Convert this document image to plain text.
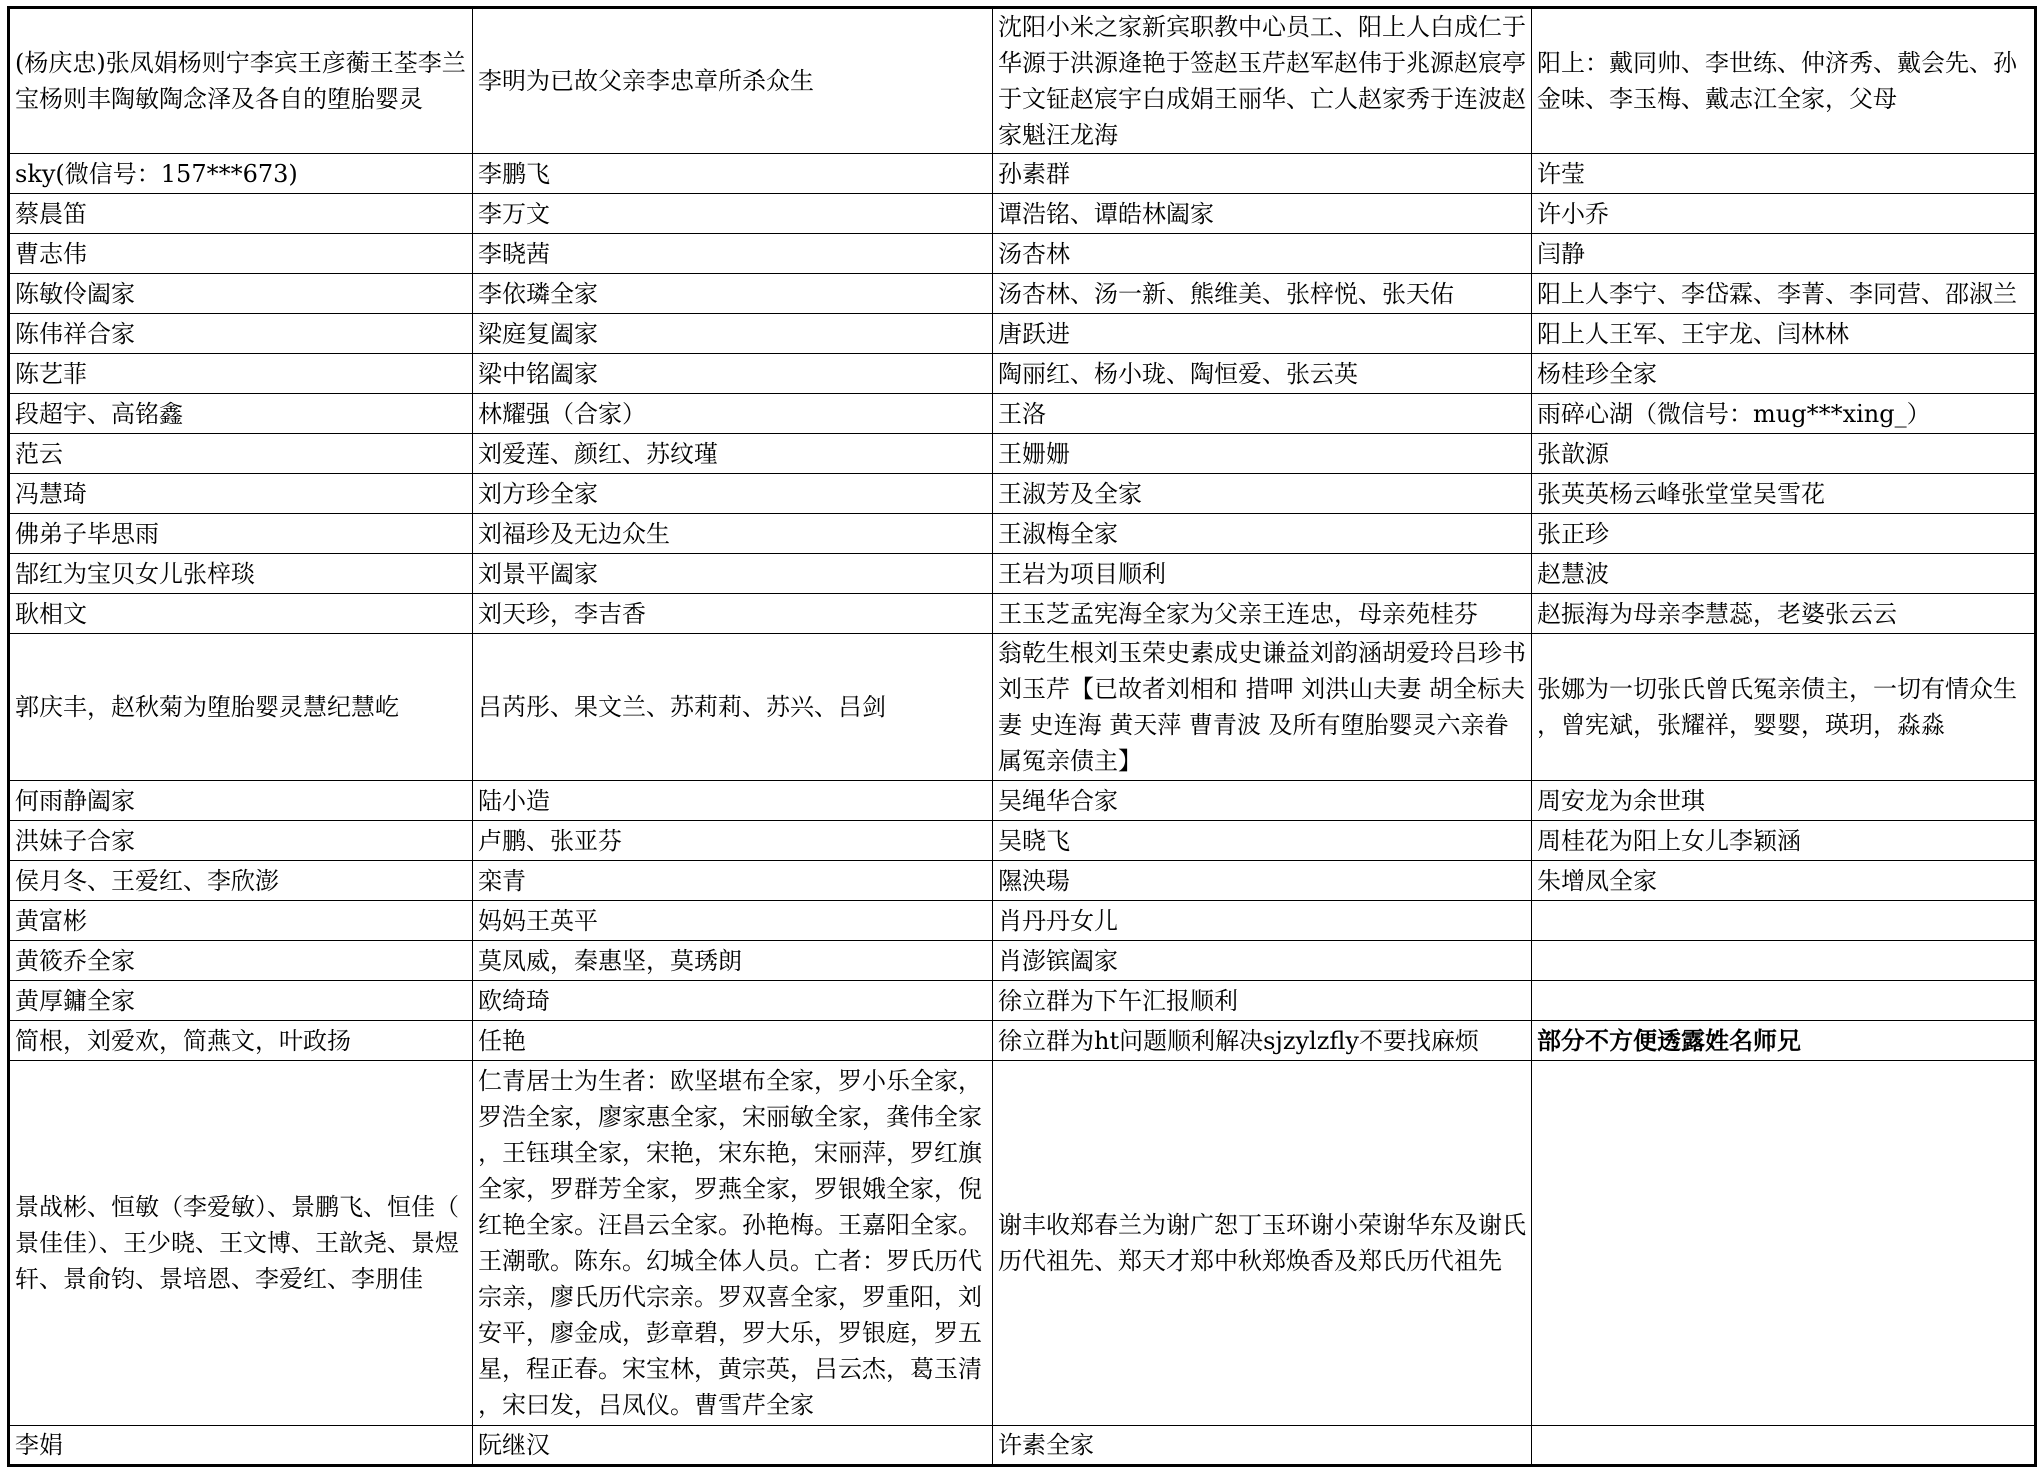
(杨庆忠)张凤娟杨则宁李宾王彦蘅王荃李兰宝杨则丰陶敏陶念泽及各自的堕胎婴灵	李明为已故父亲李忠章所杀众生	沈阳小米之家新宾职教中心员工、阳上人白成仁于华源于洪源逄艳于签赵玉芹赵军赵伟于兆源赵宸亭于文钲赵宸宇白成娟王丽华、亡人赵家秀于连波赵家魁汪龙海	阳上：戴同帅、李世练、仲济秀、戴会先、孙金味、李玉梅、戴志江全家，父母
sky(微信号：157***673)	李鹏飞	孙素群	许莹
蔡晨笛	李万文	谭浩铭、谭皓林阖家	许小乔
曹志伟	李晓茜	汤杏林	闫静
陈敏伶阖家	李依璘全家	汤杏林、汤一新、熊维美、张梓悦、张天佑	阳上人李宁、李岱霖、李菁、李同营、邵淑兰
陈伟祥合家	梁庭复阖家	唐跃进	阳上人王军、王宇龙、闫林林
陈艺菲	梁中铭阖家	陶丽红、杨小珑、陶恒爱、张云英	杨桂珍全家
段超宇、高铭鑫	林耀强（合家）	王洛	雨碎心湖（微信号：mug***xing_）
范云	刘爱莲、颜红、苏纹瑾	王姗姗	张歆源
冯慧琦	刘方珍全家	王淑芳及全家	张英英杨云峰张堂堂吴雪花
佛弟子毕思雨	刘福珍及无边众生	王淑梅全家	张正珍
郜红为宝贝女儿张梓琰	刘景平阖家	王岩为项目顺利	赵慧波
耿相文	刘天珍，李吉香	王玉芝孟宪海全家为父亲王连忠，母亲苑桂芬	赵振海为母亲李慧蕊，老婆张云云
郭庆丰，赵秋菊为堕胎婴灵慧纪慧屹	吕芮彤、果文兰、苏莉莉、苏兴、吕剑	翁乾生根刘玉荣史素成史谦益刘韵涵胡爱玲吕珍书刘玉芹【已故者刘相和 措呷 刘洪山夫妻 胡全标夫妻 史连海 黄天萍 曹青波 及所有堕胎婴灵六亲眷属冤亲债主】	张娜为一切张氏曾氏冤亲债主，一切有情众生，曾宪斌，张耀祥，婴婴，瑛玥，淼淼
何雨静阖家	陆小造	吴绳华合家	周安龙为余世琪
洪妹子合家	卢鹏、张亚芬	吴晓飞	周桂花为阳上女儿李颖涵
侯月冬、王爱红、李欣澎	栾青	隰泱瑒	朱增凤全家
黄富彬	妈妈王英平	肖丹丹女儿	
黄筱乔全家	莫凤威，秦惠坚，莫琇朗	肖澎镔阖家	
黄厚鏞全家	欧绮琦	徐立群为下午汇报顺利	
简根，刘爱欢，简燕文，叶政扬	任艳	徐立群为ht问题顺利解决sjzylzfly不要找麻烦	部分不方便透露姓名师兄
景战彬、恒敏（李爱敏）、景鹏飞、恒佳（景佳佳）、王少晓、王文博、王歆尧、景煜轩、景俞钧、景培恩、李爱红、李朋佳	仁青居士为生者：欧坚堪布全家，罗小乐全家，罗浩全家，廖家惠全家，宋丽敏全家，龚伟全家，王钰琪全家，宋艳，宋东艳，宋丽萍，罗红旗全家，罗群芳全家，罗燕全家，罗银娥全家，倪红艳全家。汪昌云全家。孙艳梅。王嘉阳全家。王潮歌。陈东。幻城全体人员。亡者：罗氏历代宗亲，廖氏历代宗亲。罗双喜全家，罗重阳，刘安平，廖金成，彭章碧，罗大乐，罗银庭，罗五星，程正春。宋宝林，黄宗英，吕云杰，葛玉清，宋曰发，吕凤仪。曹雪芹全家	谢丰收郑春兰为谢广恕丁玉环谢小荣谢华东及谢氏历代祖先、郑天才郑中秋郑焕香及郑氏历代祖先	
李娟	阮继汉	许素全家	
